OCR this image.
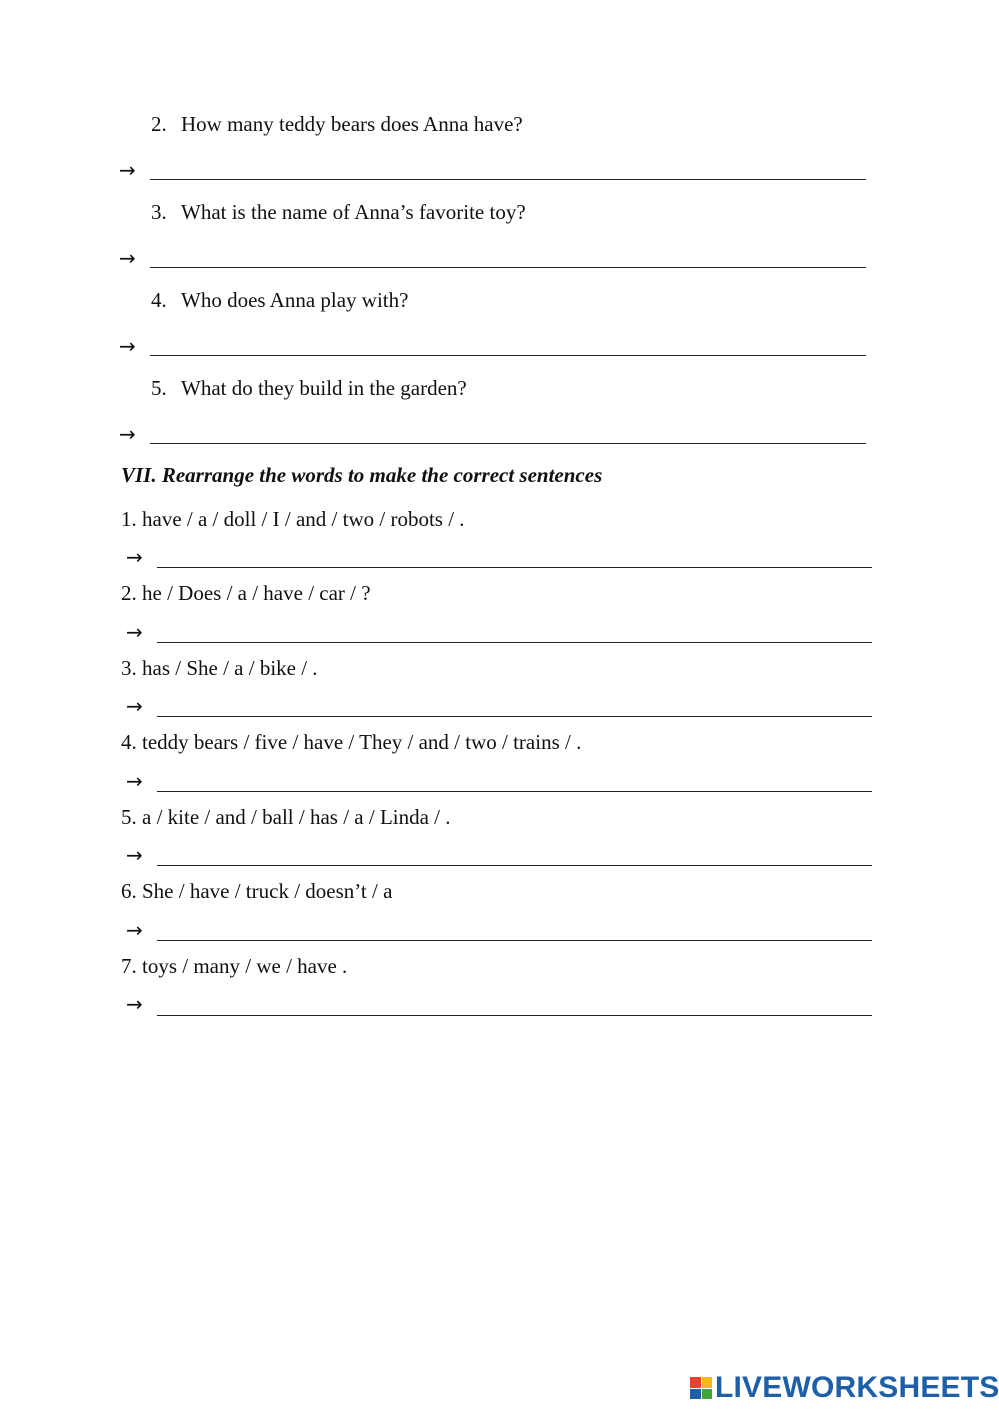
2. How many teddy bears does Anna have?
→
3. What is the name of Anna’s favorite toy?
→
4. Who does Anna play with?
→
5. What do they build in the garden?
→
VII. Rearrange the words to make the correct sentences
1. have / a / doll / I / and / two / robots / .
→
2. he / Does / a / have / car / ?
→
3. has / She / a / bike / .
→
4. teddy bears / five / have / They / and / two / trains / .
→
5. a / kite / and / ball / has / a / Linda / .
→
6. She / have / truck / doesn’t / a
→
7. toys / many / we / have .
→
LIVEWORKSHEETS
